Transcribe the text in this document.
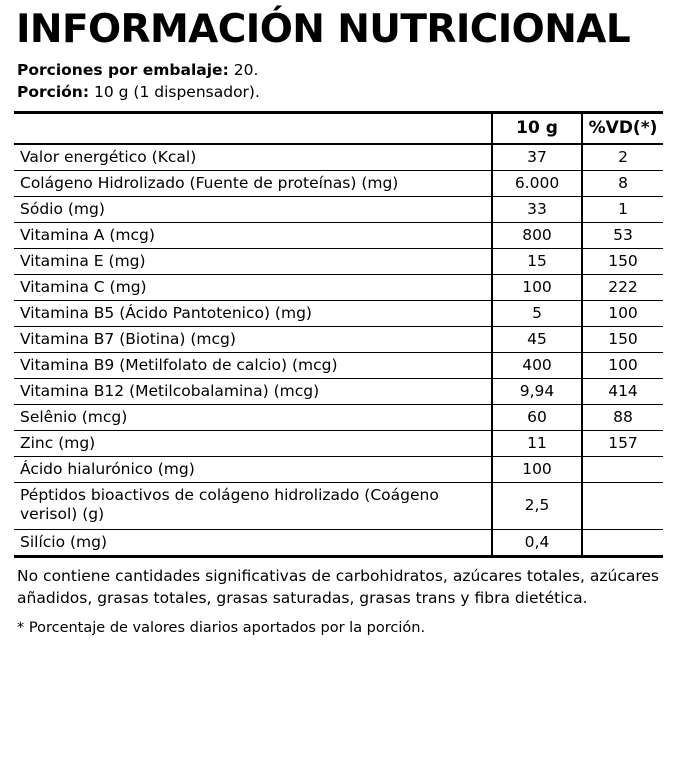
INFORMACIÓN NUTRICIONAL
Porciones por embalaje: 20.
Porción: 10 g (1 dispensador).
	10 g	%VD(*)
Valor energético (Kcal)	37	2
Colágeno Hidrolizado (Fuente de proteínas) (mg)	6.000	8
Sódio (mg)	33	1
Vitamina A (mcg)	800	53
Vitamina E (mg)	15	150
Vitamina C (mg)	100	222
Vitamina B5 (Ácido Pantotenico) (mg)	5	100
Vitamina B7 (Biotina) (mcg)	45	150
Vitamina B9 (Metilfolato de calcio) (mcg)	400	100
Vitamina B12 (Metilcobalamina) (mcg)	9,94	414
Selênio (mcg)	60	88
Zinc (mg)	11	157
Ácido hialurónico (mg)	100	
Péptidos bioactivos de colágeno hidrolizado (Coágeno verisol) (g)	2,5	
Silício (mg)	0,4	
No contiene cantidades significativas de carbohidratos, azúcares totales, azúcares añadidos, grasas totales, grasas saturadas, grasas trans y fibra dietética.
* Porcentaje de valores diarios aportados por la porción.
